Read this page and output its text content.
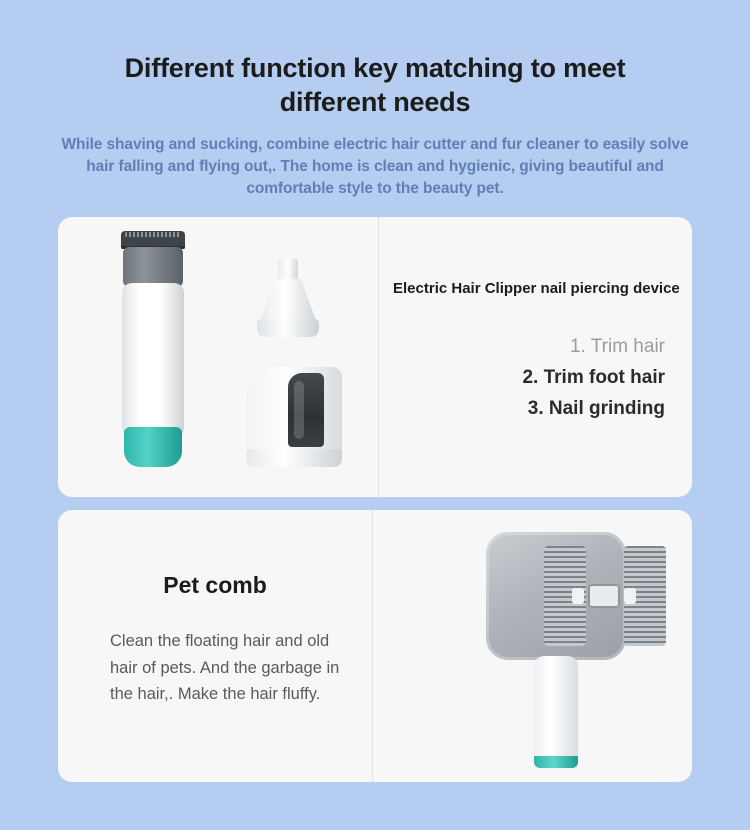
Different function key matching to meet different needs

While shaving and sucking, combine electric hair cutter and fur cleaner to easily solve hair falling and flying out,. The home is clean and hygienic, giving beautiful and comfortable style to the beauty pet.

Electric Hair Clipper nail piercing device
1. Trim hair
2. Trim foot hair
3. Nail grinding
Pet comb
Clean the floating hair and old hair of pets. And the garbage in the hair,. Make the hair fluffy.
